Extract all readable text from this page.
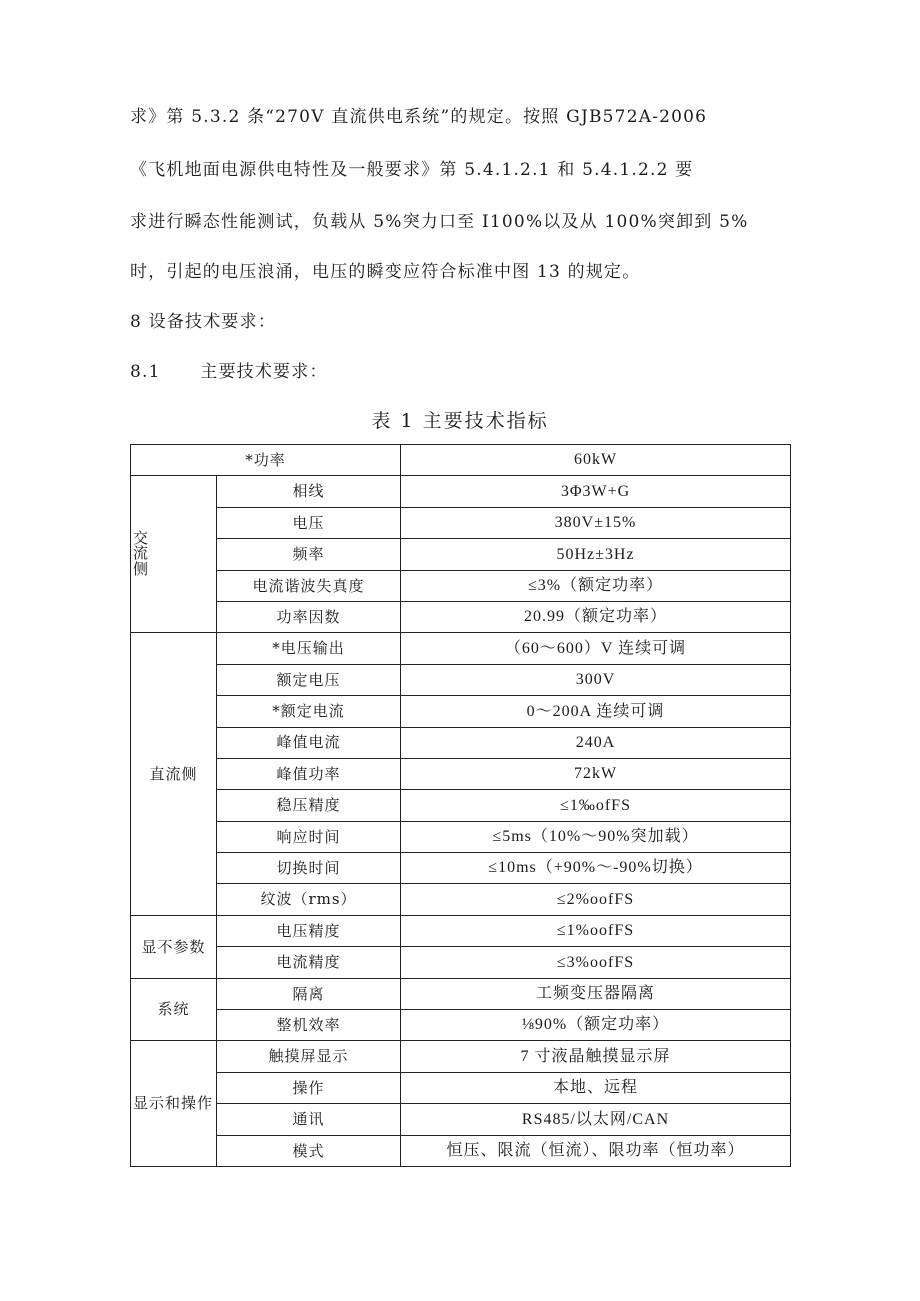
求》第 5.3.2 条“270V 直流供电系统”的规定。按照 GJB572A-2006
《飞机地面电源供电特性及一般要求》第 5.4.1.2.1 和 5.4.1.2.2 要
求进行瞬态性能测试，负载从 5%突力口至 I100%以及从 100%突卸到 5%
时，引起的电压浪涌，电压的瞬变应符合标准中图 13 的规定。
8 设备技术要求：
8.1      主要技术要求：
表 1 主要技术指标
*功率		60kW
交流侧	相线	3Φ3W+G
	电压	380V±15%
	频率	50Hz±3Hz
	电流谐波失真度	≤3%（额定功率）
	功率因数	20.99（额定功率）
直流侧	*电压输出	（60～600）V 连续可调
	额定电压	300V
	*额定电流	0～200A 连续可调
	峰值电流	240A
	峰值功率	72kW
	稳压精度	≤1‰ofFS
	响应时间	≤5ms（10%～90%突加载）
	切换时间	≤10ms（+90%～-90%切换）
	纹波（rms）	≤2%oofFS
显不参数	电压精度	≤1%oofFS
	电流精度	≤3%oofFS
系统	隔离	工频变压器隔离
	整机效率	⅛90%（额定功率）
显示和操作	触摸屏显示	7 寸液晶触摸显示屏
	操作	本地、远程
	通讯	RS485/以太网/CAN
	模式	恒压、限流（恒流）、限功率（恒功率）
